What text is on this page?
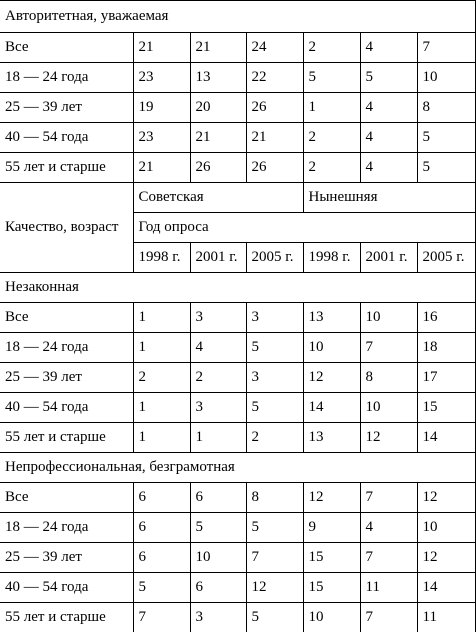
Авторитетная, уважаемая						
Все	21	21	24	2	4	7
18 — 24 года	23	13	22	5	5	10
25 — 39 лет	19	20	26	1	4	8
40 — 54 года	23	21	21	2	4	5
55 лет и старше	21	26	26	2	4	5
Качество, возраст	Советская			Нынешняя		
	Год опроса					
	1998 г.	2001 г.	2005 г.	1998 г.	2001 г.	2005 г.
Незаконная						
Все	1	3	3	13	10	16
18 — 24 года	1	4	5	10	7	18
25 — 39 лет	2	2	3	12	8	17
40 — 54 года	1	3	5	14	10	15
55 лет и старше	1	1	2	13	12	14
Непрофессиональная, безграмотная						
Все	6	6	8	12	7	12
18 — 24 года	6	5	5	9	4	10
25 — 39 лет	6	10	7	15	7	12
40 — 54 года	5	6	12	15	11	14
55 лет и старше	7	3	5	10	7	11
